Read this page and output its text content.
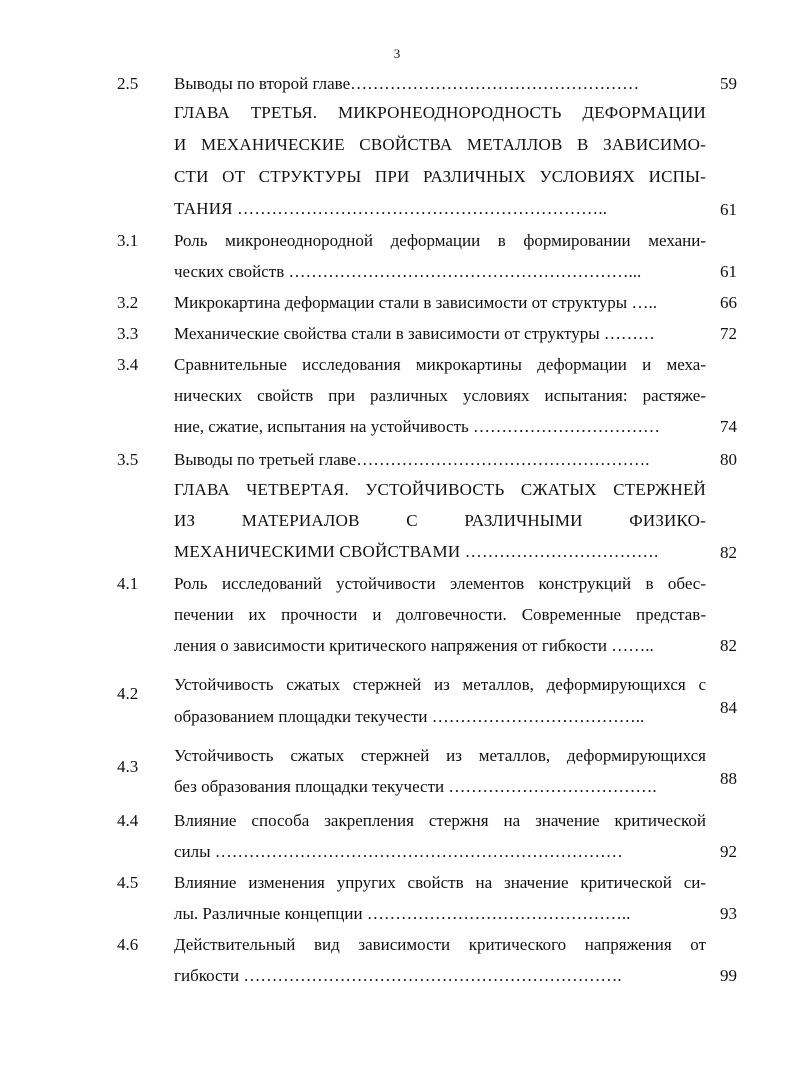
3
2.5 Выводы по второй главе……………………………………………	59
ГЛАВА ТРЕТЬЯ. МИКРОНЕОДНОРОДНОСТЬ ДЕФОРМАЦИИ
И МЕХАНИЧЕСКИЕ СВОЙСТВА МЕТАЛЛОВ В ЗАВИСИМО-
СТИ ОТ СТРУКТУРЫ ПРИ РАЗЛИЧНЫХ УСЛОВИЯХ ИСПЫ-
ТАНИЯ ………………………………………………………..	61
3.1 Роль микронеоднородной деформации в формировании механи-
ческих свойств ……………………………………………………...	61
3.2 Микрокартина деформации стали в зависимости от структуры …..	66
3.3 Механические свойства стали в зависимости от структуры ………	72
3.4 Сравнительные исследования микрокартины деформации и меха-
нических свойств при различных условиях испытания: растяже-
ние, сжатие, испытания на устойчивость ……………………………	74
3.5 Выводы по третьей главе…………………………………………….	80
ГЛАВА ЧЕТВЕРТАЯ. УСТОЙЧИВОСТЬ СЖАТЫХ СТЕРЖНЕЙ
ИЗ МАТЕРИАЛОВ С РАЗЛИЧНЫМИ ФИЗИКО-
МЕХАНИЧЕСКИМИ СВОЙСТВАМИ …………………………….	82
4.1 Роль исследований устойчивости элементов конструкций в обес-
печении их прочности и долговечности. Современные представ-
ления о зависимости критического напряжения от гибкости ……..	82
4.2 Устойчивость сжатых стержней из металлов, деформирующихся с
образованием площадки текучести ………………………………..	84
4.3
Устойчивость сжатых стержней из металлов, деформирующихся
без образования площадки текучести ……………………………….	88
4.4 Влияние способа закрепления стержня на значение критической
силы ………………………………………………………………	92
4.5 Влияние изменения упругих свойств на значение критической си-
лы. Различные концепции ………………………………………..	93
4.6 Действительный вид зависимости критического напряжения от
гибкости ………………………………………………………….	99
